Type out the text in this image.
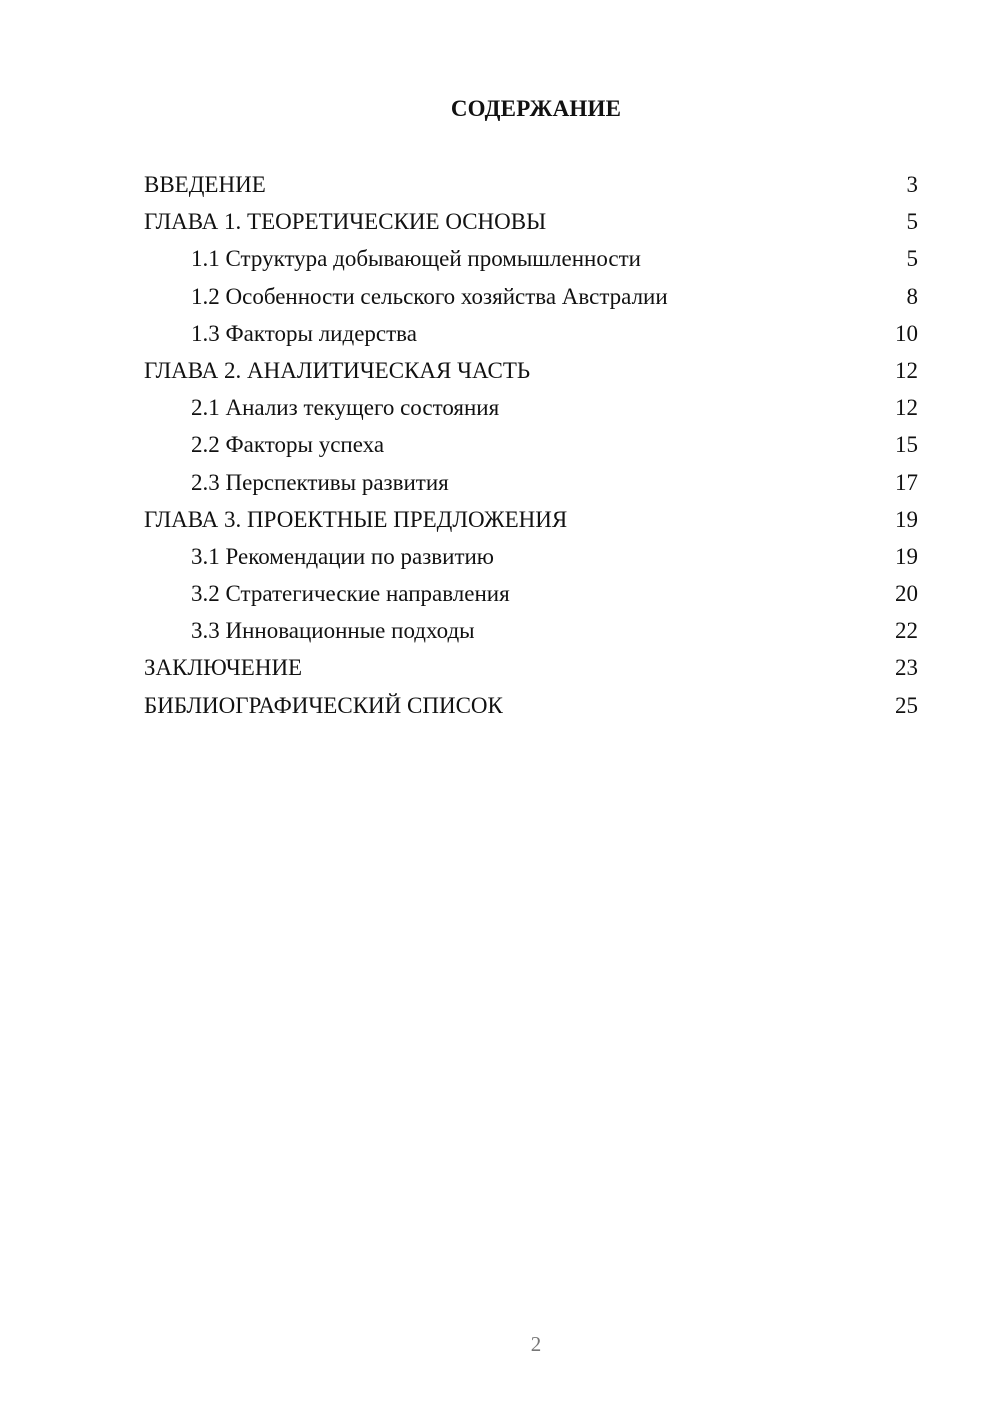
СОДЕРЖАНИЕ
ВВЕДЕНИЕ	3
ГЛАВА 1. ТЕОРЕТИЧЕСКИЕ ОСНОВЫ	5
1.1 Структура добывающей промышленности	5
1.2 Особенности сельского хозяйства Австралии	8
1.3 Факторы лидерства	10
ГЛАВА 2. АНАЛИТИЧЕСКАЯ ЧАСТЬ	12
2.1 Анализ текущего состояния	12
2.2 Факторы успеха	15
2.3 Перспективы развития	17
ГЛАВА 3. ПРОЕКТНЫЕ ПРЕДЛОЖЕНИЯ	19
3.1 Рекомендации по развитию	19
3.2 Стратегические направления	20
3.3 Инновационные подходы	22
ЗАКЛЮЧЕНИЕ	23
БИБЛИОГРАФИЧЕСКИЙ СПИСОК	25
2
